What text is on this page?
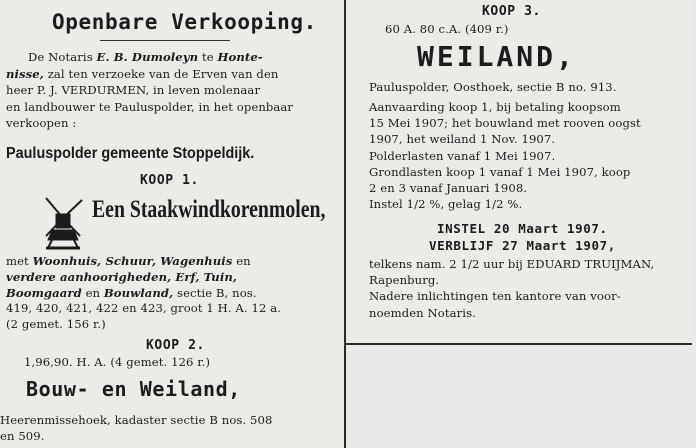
Openbare Verkooping.
De Notaris E. B. Dumoleyn te Honte-
nisse, zal ten verzoeke van de Erven van den
heer P. J. VERDURMEN, in leven molenaar
en landbouwer te Pauluspolder, in het openbaar
verkoopen :
Pauluspolder gemeente Stoppeldijk.
KOOP 1.
Een Staakwindkorenmolen,
met Woonhuis, Schuur, Wagenhuis en
verdere aanhoorigheden, Erf, Tuin,
Boomgaard en Bouwland, sectie B, nos.
419, 420, 421, 422 en 423, groot 1 H. A. 12 a.
(2 gemet. 156 r.)
KOOP 2.
1,96,90. H. A. (4 gemet. 126 r.)
Bouw- en Weiland,
Heerenmissehoek, kadaster sectie B nos. 508
en 509.
KOOP 3.
60 A. 80 c.A. (409 r.)
WEILAND,
Pauluspolder, Oosthoek, sectie B no. 913.
Aanvaarding koop 1, bij betaling koopsom
15 Mei 1907; het bouwland met rooven oogst
1907, het weiland 1 Nov. 1907.
Polderlasten vanaf 1 Mei 1907.
Grondlasten koop 1 vanaf 1 Mei 1907, koop
2 en 3 vanaf Januari 1908.
Instel 1/2 %, gelag 1/2 %.
INSTEL 20 Maart 1907.
VERBLIJF 27 Maart 1907,
telkens nam. 2 1/2 uur bij EDUARD TRUIJMAN,
Rapenburg.
Nadere inlichtingen ten kantore van voor-
noemden Notaris.
